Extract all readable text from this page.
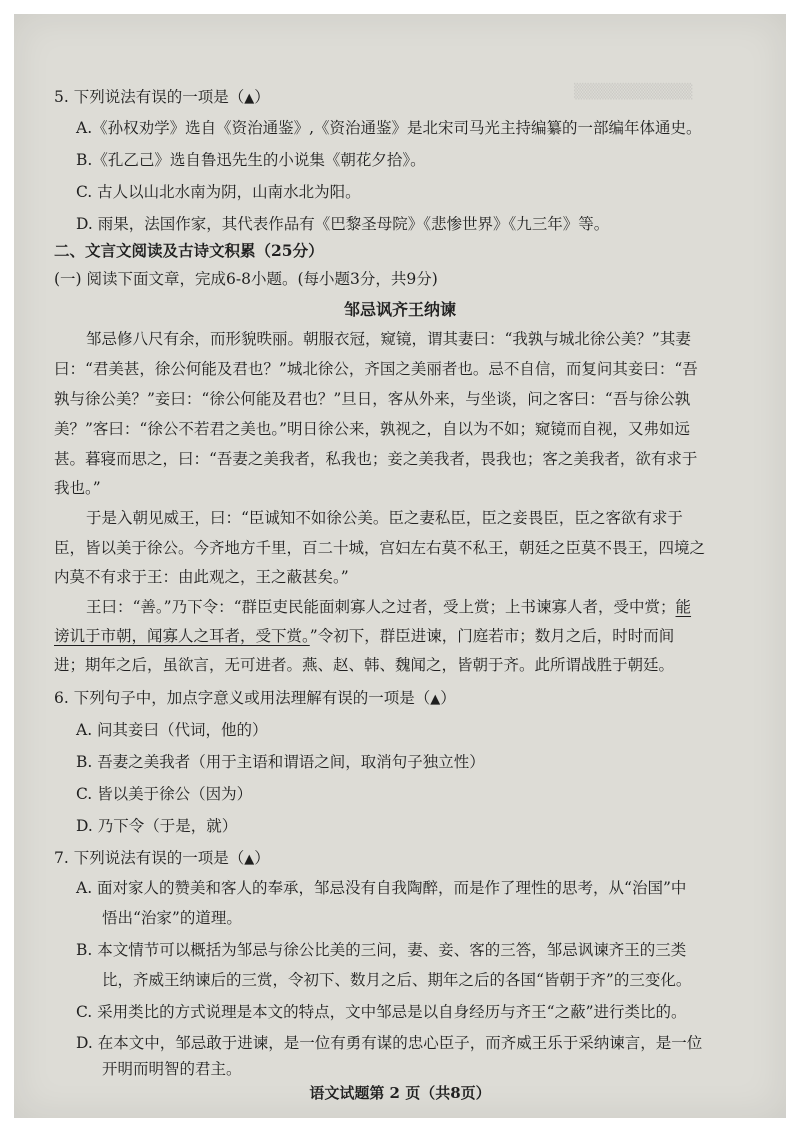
▒▒▒▒▒▒▒▒▒▒▒
5. 下列说法有误的一项是（▲）
A.《孙权劝学》选自《资治通鉴》,《资治通鉴》是北宋司马光主持编纂的一部编年体通史。
B.《孔乙己》选自鲁迅先生的小说集《朝花夕拾》。
C. 古人以山北水南为阴，山南水北为阳。
D. 雨果，法国作家，其代表作品有《巴黎圣母院》《悲惨世界》《九三年》等。
二、文言文阅读及古诗文积累（25分）
(一) 阅读下面文章，完成6-8小题。(每小题3分，共9分)
邹忌讽齐王纳谏
邹忌修八尺有余，而形貌昳丽。朝服衣冠，窥镜，谓其妻曰：“我孰与城北徐公美？”其妻
曰：“君美甚，徐公何能及君也？”城北徐公，齐国之美丽者也。忌不自信，而复问其妾曰：“吾
孰与徐公美？”妾曰：“徐公何能及君也？”旦日，客从外来，与坐谈，问之客曰：“吾与徐公孰
美？”客曰：“徐公不若君之美也。”明日徐公来，孰视之，自以为不如；窥镜而自视，又弗如远
甚。暮寝而思之，曰：“吾妻之美我者，私我也；妾之美我者，畏我也；客之美我者，欲有求于
我也。”
于是入朝见威王，曰：“臣诚知不如徐公美。臣之妻私臣，臣之妾畏臣，臣之客欲有求于
臣，皆以美于徐公。今齐地方千里，百二十城，宫妇左右莫不私王，朝廷之臣莫不畏王，四境之
内莫不有求于王：由此观之，王之蔽甚矣。”
王曰：“善。”乃下令：“群臣吏民能面刺寡人之过者，受上赏；上书谏寡人者，受中赏；能
谤讥于市朝，闻寡人之耳者，受下赏。”令初下，群臣进谏，门庭若市；数月之后，时时而间
进；期年之后，虽欲言，无可进者。燕、赵、韩、魏闻之，皆朝于齐。此所谓战胜于朝廷。
6. 下列句子中，加点字意义或用法理解有误的一项是（▲）
A. 问其妾曰（代词，他的）
B. 吾妻之美我者（用于主语和谓语之间，取消句子独立性）
C. 皆以美于徐公（因为）
D. 乃下令（于是，就）
7. 下列说法有误的一项是（▲）
A. 面对家人的赞美和客人的奉承，邹忌没有自我陶醉，而是作了理性的思考，从“治国”中
悟出“治家”的道理。
B. 本文情节可以概括为邹忌与徐公比美的三问，妻、妾、客的三答，邹忌讽谏齐王的三类
比，齐威王纳谏后的三赏，令初下、数月之后、期年之后的各国“皆朝于齐”的三变化。
C. 采用类比的方式说理是本文的特点，文中邹忌是以自身经历与齐王“之蔽”进行类比的。
D. 在本文中，邹忌敢于进谏，是一位有勇有谋的忠心臣子，而齐威王乐于采纳谏言，是一位
开明而明智的君主。
语文试题第 2 页（共8页）
